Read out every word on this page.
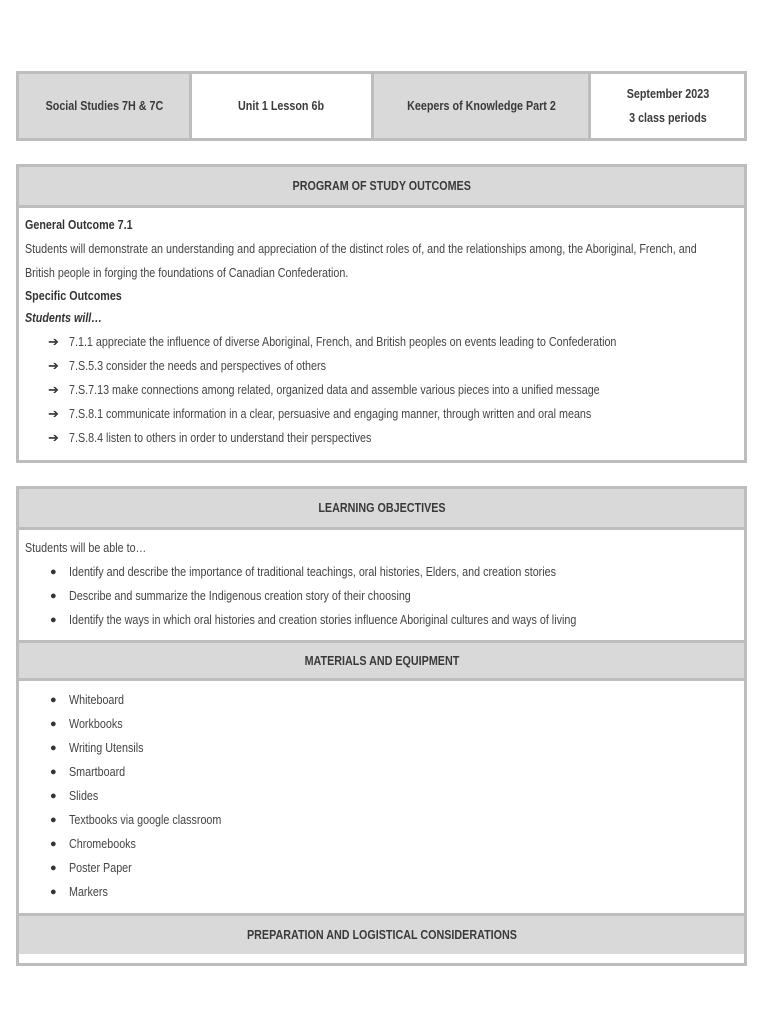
Social Studies 7H & 7C	Unit 1 Lesson 6b	Keepers of Knowledge Part 2
September 2023
3 class periods
PROGRAM OF STUDY OUTCOMES
General Outcome 7.1
Students will demonstrate an understanding and appreciation of the distinct roles of, and the relationships among, the Aboriginal, French, and
British people in forging the foundations of Canadian Confederation.
Specific Outcomes
Students will…
➔ 7.1.1 appreciate the influence of diverse Aboriginal, French, and British peoples on events leading to Confederation
➔ 7.S.5.3 consider the needs and perspectives of others
➔ 7.S.7.13 make connections among related, organized data and assemble various pieces into a unified message
➔ 7.S.8.1 communicate information in a clear, persuasive and engaging manner, through written and oral means
➔ 7.S.8.4 listen to others in order to understand their perspectives
LEARNING OBJECTIVES
Students will be able to…
● Identify and describe the importance of traditional teachings, oral histories, Elders, and creation stories
● Describe and summarize the Indigenous creation story of their choosing
● Identify the ways in which oral histories and creation stories influence Aboriginal cultures and ways of living
MATERIALS AND EQUIPMENT
● Whiteboard
● Workbooks
● Writing Utensils
● Smartboard
● Slides
● Textbooks via google classroom
● Chromebooks
● Poster Paper
● Markers
PREPARATION AND LOGISTICAL CONSIDERATIONS
